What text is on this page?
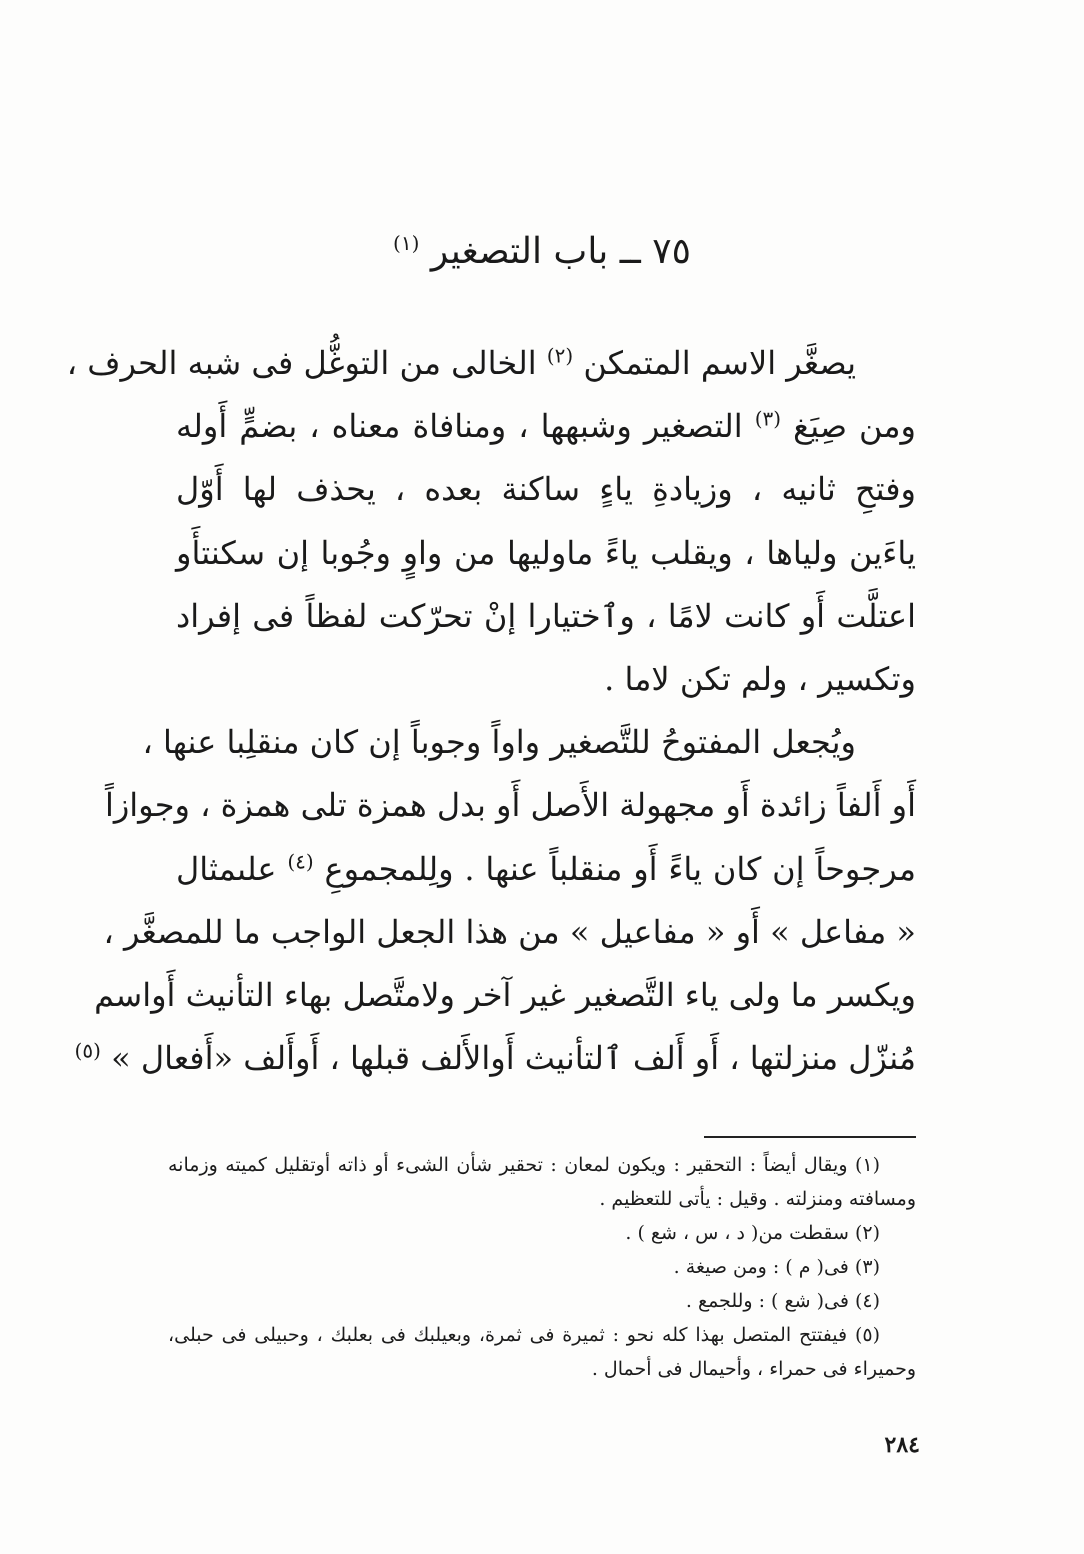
٧٥ ــ باب التصغير $^{(١)}$
يصغَّر الاسم المتمكن $^{(٢)}$ الخالى من التوغُّل فى شبه الحرف ،
ومن صِيَغ $^{(٣)}$ التصغير وشبهها ، ومنافاة معناه ، بضمٍّ أَوله
وفتحِ ثانيه ، وزيادةِ ياءٍ ساكنة بعده ، يحذف لها أَوّل
ياءَين ولياها ، ويقلب ياءً ماوليها من واوٍ وجُوبا إن سكنتأَو
اعتلَّت أَو كانت لامًا ، وٱختيارا إنْ تحرّكت لفظاً فى إفراد
وتكسير ، ولم تكن لاما .
ويُجعل المفتوحُ للتَّصغير واواً وجوباً إن كان منقلِبا عنها ،
أَو أَلفاً زائدة أَو مجهولة الأَصل أَو بدل همزة تلى همزة ، وجوازاً
مرجوحاً إن كان ياءً أَو منقلباً عنها . ولِلمجموعِ $^{(٤)}$ علىمثال
« مفاعل » أَو « مفاعيل » من هذا الجعل الواجب ما للمصغَّر ،
ويكسر ما ولى ياء التَّصغير غير آخر ولامتَّصل بهاء التأنيث أَواسم
مُنزّل منزلتها ، أَو أَلف ٱلتأنيث أَوالأَلف قبلها ، أَوأَلف «أَفعال » $^{(٥)}$
(١) ويقال أيضاً : التحقير : ويكون لمعان : تحقير شأن الشىء أو ذاته أوتقليل كميته وزمانه
ومسافته ومنزلته . وقيل : يأتى للتعظيم .
(٢) سقطت من( د ، س ، شع ) .
(٣) فى( م ) : ومن صيغة .
(٤) فى( شع ) : وللجمع .
(٥) فيفتتح المتصل بهذا كله نحو : ثميرة فى ثمرة، وبعيلبك فى بعلبك ، وحبيلى فى حبلى،
وحميراء فى حمراء ، وأحيمال فى أحمال .
٢٨٤
